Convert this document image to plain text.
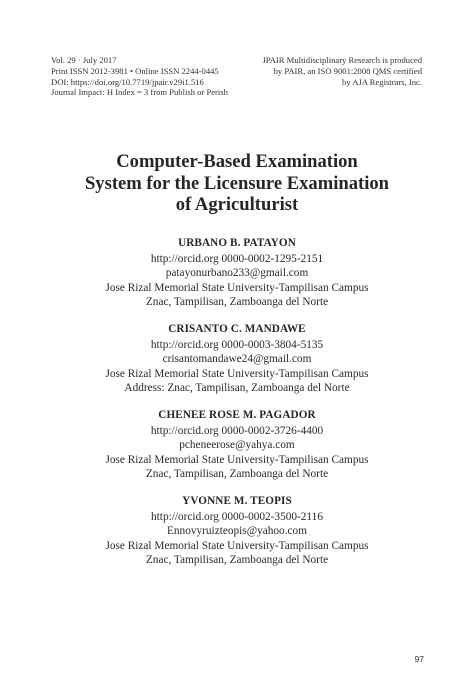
Vol. 29 · July 2017
Print ISSN 2012-3981 • Online ISSN 2244-0445
DOI: https://doi.org/10.7719/jpair.v29i1.516
Journal Impact: H Index = 3 from Publish or Perish
JPAIR Multidisciplinary Research is produced
by PAIR, an ISO 9001:2008 QMS certified
by AJA Registrars, Inc.
Computer-Based Examination
System for the Licensure Examination
of Agriculturist
URBANO B. PATAYON
http://orcid.org 0000-0002-1295-2151
patayonurbano233@gmail.com
Jose Rizal Memorial State University-Tampilisan Campus
Znac, Tampilisan, Zamboanga del Norte
CRISANTO C. MANDAWE
http://orcid.org 0000-0003-3804-5135
crisantomandawe24@gmail.com
Jose Rizal Memorial State University-Tampilisan Campus
Address: Znac, Tampilisan, Zamboanga del Norte
CHENEE ROSE M. PAGADOR
http://orcid.org 0000-0002-3726-4400
pcheneerose@yahya.com
Jose Rizal Memorial State University-Tampilisan Campus
Znac, Tampilisan, Zamboanga del Norte
YVONNE M. TEOPIS
http://orcid.org 0000-0002-3500-2116
Ennovyruizteopis@yahoo.com
Jose Rizal Memorial State University-Tampilisan Campus
Znac, Tampilisan, Zamboanga del Norte
97
